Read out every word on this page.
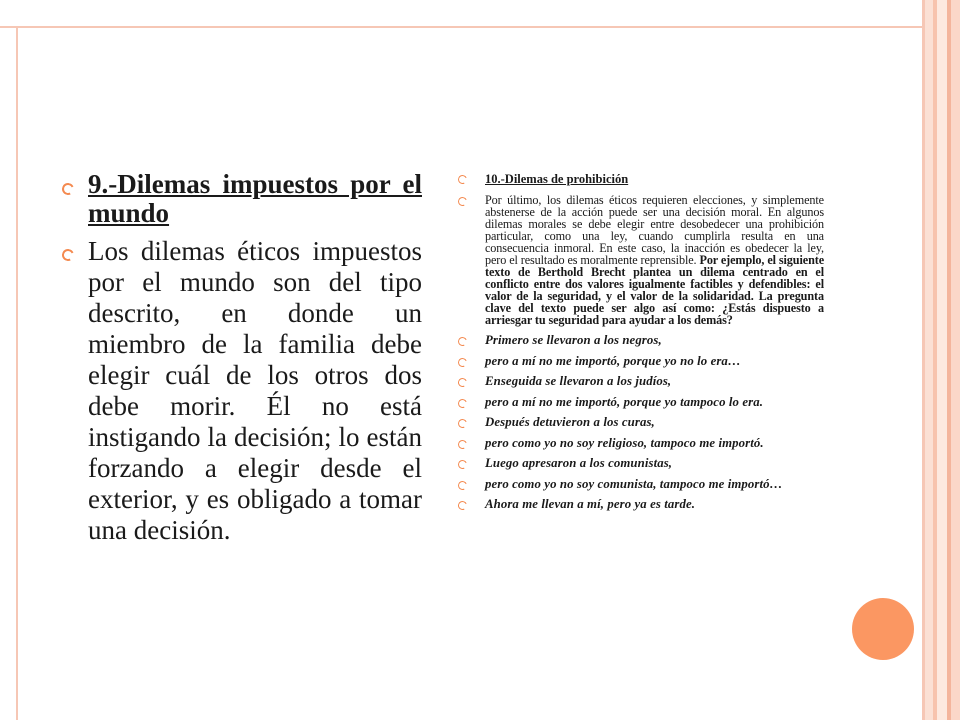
9.-Dilemas impuestos por el mundo
Los dilemas éticos impuestos por el mundo son del tipo descrito, en donde un miembro de la familia debe elegir cuál de los otros dos debe morir. Él no está instigando la decisión; lo están forzando a elegir desde el exterior, y es obligado a tomar una decisión.
10.-Dilemas de prohibición
Por último, los dilemas éticos requieren elecciones, y simplemente abstenerse de la acción puede ser una decisión moral. En algunos dilemas morales se debe elegir entre desobedecer una prohibición particular, como una ley, cuando cumplirla resulta en una consecuencia inmoral. En este caso, la inacción es obedecer la ley, pero el resultado es moralmente reprensible. Por ejemplo, el siguiente texto de Berthold Brecht plantea un dilema centrado en el conflicto entre dos valores igualmente factibles y defendibles: el valor de la seguridad, y el valor de la solidaridad. La pregunta clave del texto puede ser algo así como: ¿Estás dispuesto a arriesgar tu seguridad para ayudar a los demás?
Primero se llevaron a los negros,
pero a mí no me importó, porque yo no lo era…
Enseguida se llevaron a los judíos,
pero a mí no me importó, porque yo tampoco lo era.
Después detuvieron a los curas,
pero como yo no soy religioso, tampoco me importó.
Luego apresaron a los comunistas,
pero como yo no soy comunista, tampoco me importó…
Ahora me llevan a mí, pero ya es tarde.
